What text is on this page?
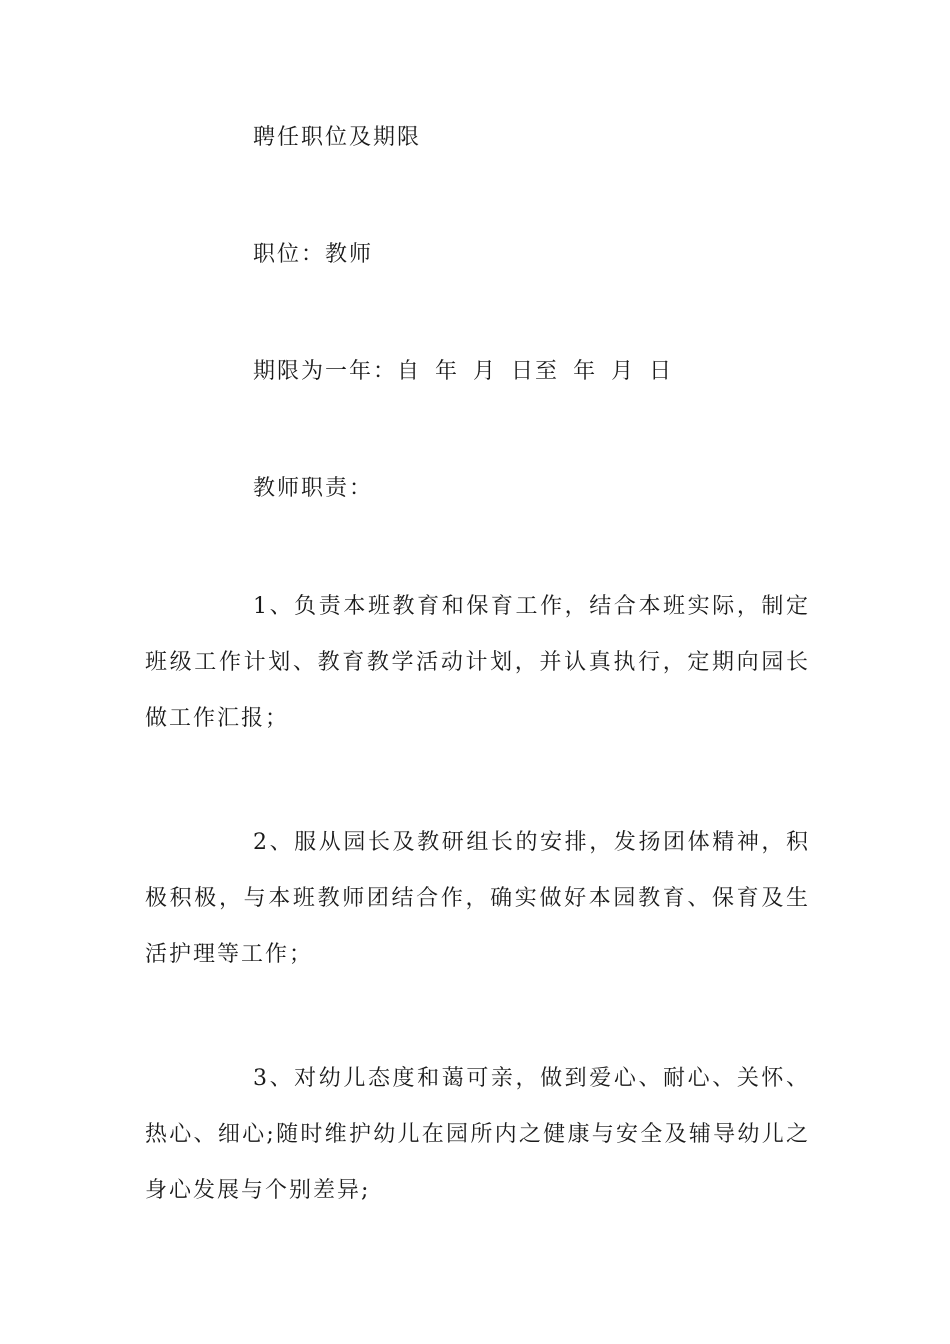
聘任职位及期限
职位：教师
期限为一年：自 年 月 日至 年 月 日
教师职责：
1、负责本班教育和保育工作，结合本班实际，制定班级工作计划、教育教学活动计划，并认真执行，定期向园长做工作汇报；
2、服从园长及教研组长的安排，发扬团体精神，积极积极，与本班教师团结合作，确实做好本园教育、保育及生活护理等工作；
3、对幼儿态度和蔼可亲，做到爱心、耐心、关怀、热心、细心;随时维护幼儿在园所内之健康与安全及辅导幼儿之身心发展与个别差异;
